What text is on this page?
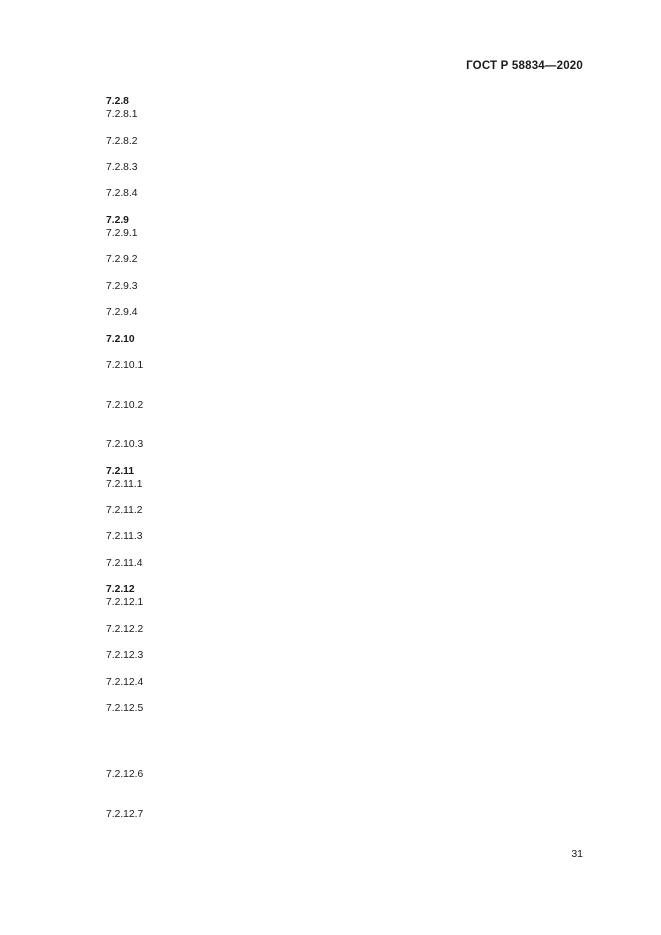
ГОСТ Р 58834—2020

7.2.8

7.2.8.1

7.2.8.2

7.2.8.3

7.2.8.4

7.2.9

7.2.9.1

7.2.9.2

7.2.9.3

7.2.9.4

7.2.10

7.2.10.1

7.2.10.2

7.2.10.3

7.2.11

7.2.11.1

7.2.11.2

7.2.11.3

7.2.11.4

7.2.12

7.2.12.1

7.2.12.2

7.2.12.3

7.2.12.4

7.2.12.5

7.2.12.6

7.2.12.7

31
